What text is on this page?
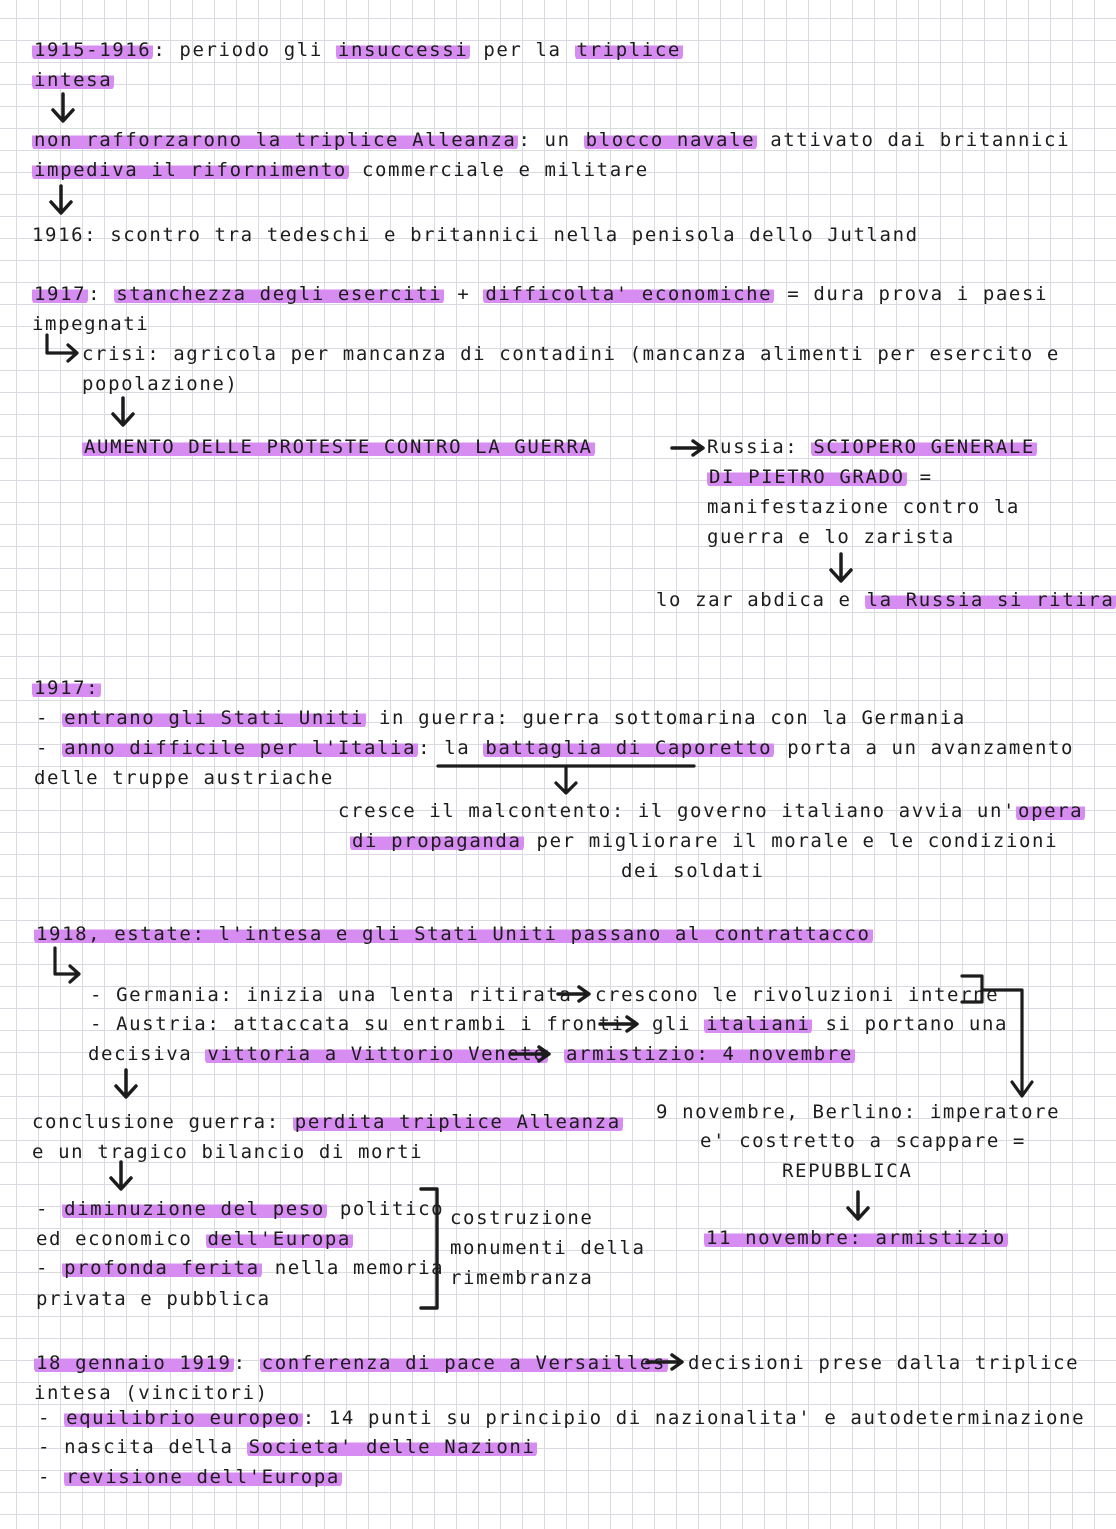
1915-1916 : periodo gli insuccessi per la triplice
intesa
non rafforzarono la triplice Alleanza : un blocco navale attivato dai britannici
impediva il rifornimento commerciale e militare
1916: scontro tra tedeschi e britannici nella penisola dello Jutland
1917 : stanchezza degli eserciti + difficolta' economiche = dura prova i paesi
impegnati
crisi: agricola per mancanza di contadini (mancanza alimenti per esercito e
popolazione)
AUMENTO DELLE PROTESTE CONTRO LA GUERRA	Russia: SCIOPERO GENERALE
DI PIETRO GRADO =
manifestazione contro la
guerra e lo zarista
lo zar abdica e la Russia si ritira
1917:
- entrano gli Stati Uniti in guerra: guerra sottomarina con la Germania
- anno difficile per l'Italia : la battaglia di Caporetto porta a un avanzamento
delle truppe austriache
cresce il malcontento: il governo italiano avvia un' opera
di propaganda per migliorare il morale e le condizioni
dei soldati
1918, estate: l'intesa e gli Stati Uniti passano al contrattacco
- Germania: inizia una lenta ritirata crescono le rivoluzioni interne
- Austria: attaccata su entrambi i fronti gli italiani si portano una
decisiva vittoria a Vittorio Veneto armistizio: 4 novembre
conclusione guerra: perdita triplice Alleanza
e un tragico bilancio di morti
- diminuzione del peso politico
ed economico dell'Europa
- profonda ferita nella memoria
privata e pubblica
costruzione
monumenti della
rimembranza
9 novembre, Berlino: imperatore
e' costretto a scappare =
REPUBBLICA
11 novembre: armistizio
18 gennaio 1919 : conferenza di pace a Versailles decisioni prese dalla triplice
intesa (vincitori)
- equilibrio europeo : 14 punti su principio di nazionalita' e autodeterminazione
- nascita della Societa' delle Nazioni
- revisione dell'Europa
